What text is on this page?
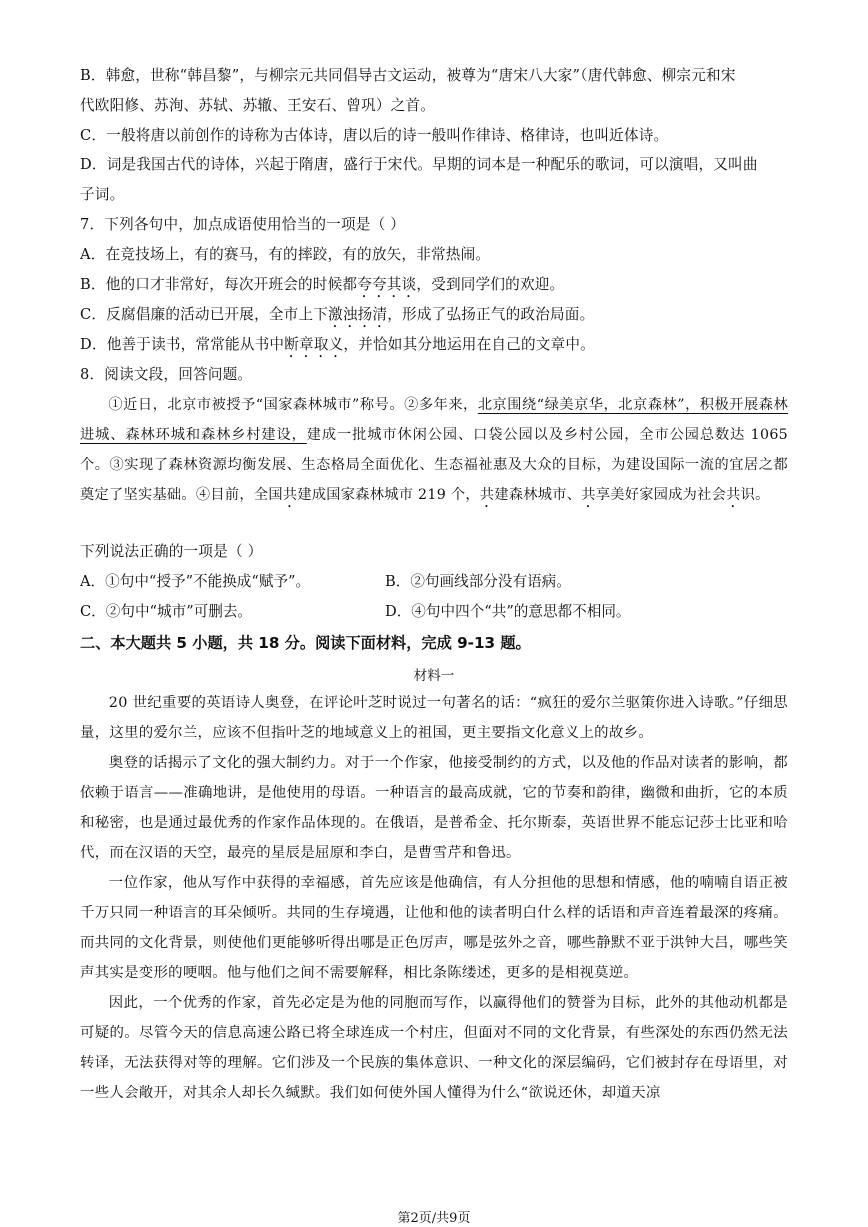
B．韩愈，世称“韩昌黎”，与柳宗元共同倡导古文运动，被尊为“唐宋八大家”（唐代韩愈、柳宗元和宋
代欧阳修、苏洵、苏轼、苏辙、王安石、曾巩）之首。
C．一般将唐以前创作的诗称为古体诗，唐以后的诗一般叫作律诗、格律诗，也叫近体诗。
D．词是我国古代的诗体，兴起于隋唐，盛行于宋代。早期的词本是一种配乐的歌词，可以演唱，又叫曲
子词。
7．下列各句中，加点成语使用恰当的一项是（ ）
A．在竞技场上，有的赛马，有的摔跤，有的放矢，非常热闹。
B．他的口才非常好，每次开班会的时候都夸夸其谈，受到同学们的欢迎。
C．反腐倡廉的活动已开展，全市上下激浊扬清，形成了弘扬正气的政治局面。
D．他善于读书，常常能从书中断章取义，并恰如其分地运用在自己的文章中。
8．阅读文段，回答问题。
①近日，北京市被授予“国家森林城市”称号。②多年来，北京围绕“绿美京华，北京森林”，积极开展森林进城、森林环城和森林乡村建设，建成一批城市休闲公园、口袋公园以及乡村公园，全市公园总数达 1065 个。③实现了森林资源均衡发展、生态格局全面优化、生态福祉惠及大众的目标，为建设国际一流的宜居之都奠定了坚实基础。④目前，全国共建成国家森林城市 219 个，共建森林城市、共享美好家园成为社会共识。
下列说法正确的一项是（ ）
A．①句中“授予”不能换成“赋予”。	B．②句画线部分没有语病。
C．②句中“城市”可删去。	D．④句中四个“共”的意思都不相同。
二、本大题共 5 小题，共 18 分。阅读下面材料，完成 9-13 题。
材料一
20 世纪重要的英语诗人奥登，在评论叶芝时说过一句著名的话：“疯狂的爱尔兰驱策你进入诗歌。”仔细思量，这里的爱尔兰，应该不但指叶芝的地域意义上的祖国，更主要指文化意义上的故乡。
奥登的话揭示了文化的强大制约力。对于一个作家，他接受制约的方式，以及他的作品对读者的影响，都依赖于语言——准确地讲，是他使用的母语。一种语言的最高成就，它的节奏和韵律，幽微和曲折，它的本质和秘密，也是通过最优秀的作家作品体现的。在俄语，是普希金、托尔斯泰，英语世界不能忘记莎士比亚和哈代，而在汉语的天空，最亮的星辰是屈原和李白，是曹雪芹和鲁迅。
一位作家，他从写作中获得的幸福感，首先应该是他确信，有人分担他的思想和情感，他的喃喃自语正被千万只同一种语言的耳朵倾听。共同的生存境遇，让他和他的读者明白什么样的话语和声音连着最深的疼痛。而共同的文化背景，则使他们更能够听得出哪是正色厉声，哪是弦外之音，哪些静默不亚于洪钟大吕，哪些笑声其实是变形的哽咽。他与他们之间不需要解释，相比条陈缕述，更多的是相视莫逆。
因此，一个优秀的作家，首先必定是为他的同胞而写作，以赢得他们的赞誉为目标，此外的其他动机都是可疑的。尽管今天的信息高速公路已将全球连成一个村庄，但面对不同的文化背景，有些深处的东西仍然无法转译，无法获得对等的理解。它们涉及一个民族的集体意识、一种文化的深层编码，它们被封存在母语里，对一些人会敞开，对其余人却长久缄默。我们如何使外国人懂得为什么“欲说还休，却道天凉
第2页/共9页
